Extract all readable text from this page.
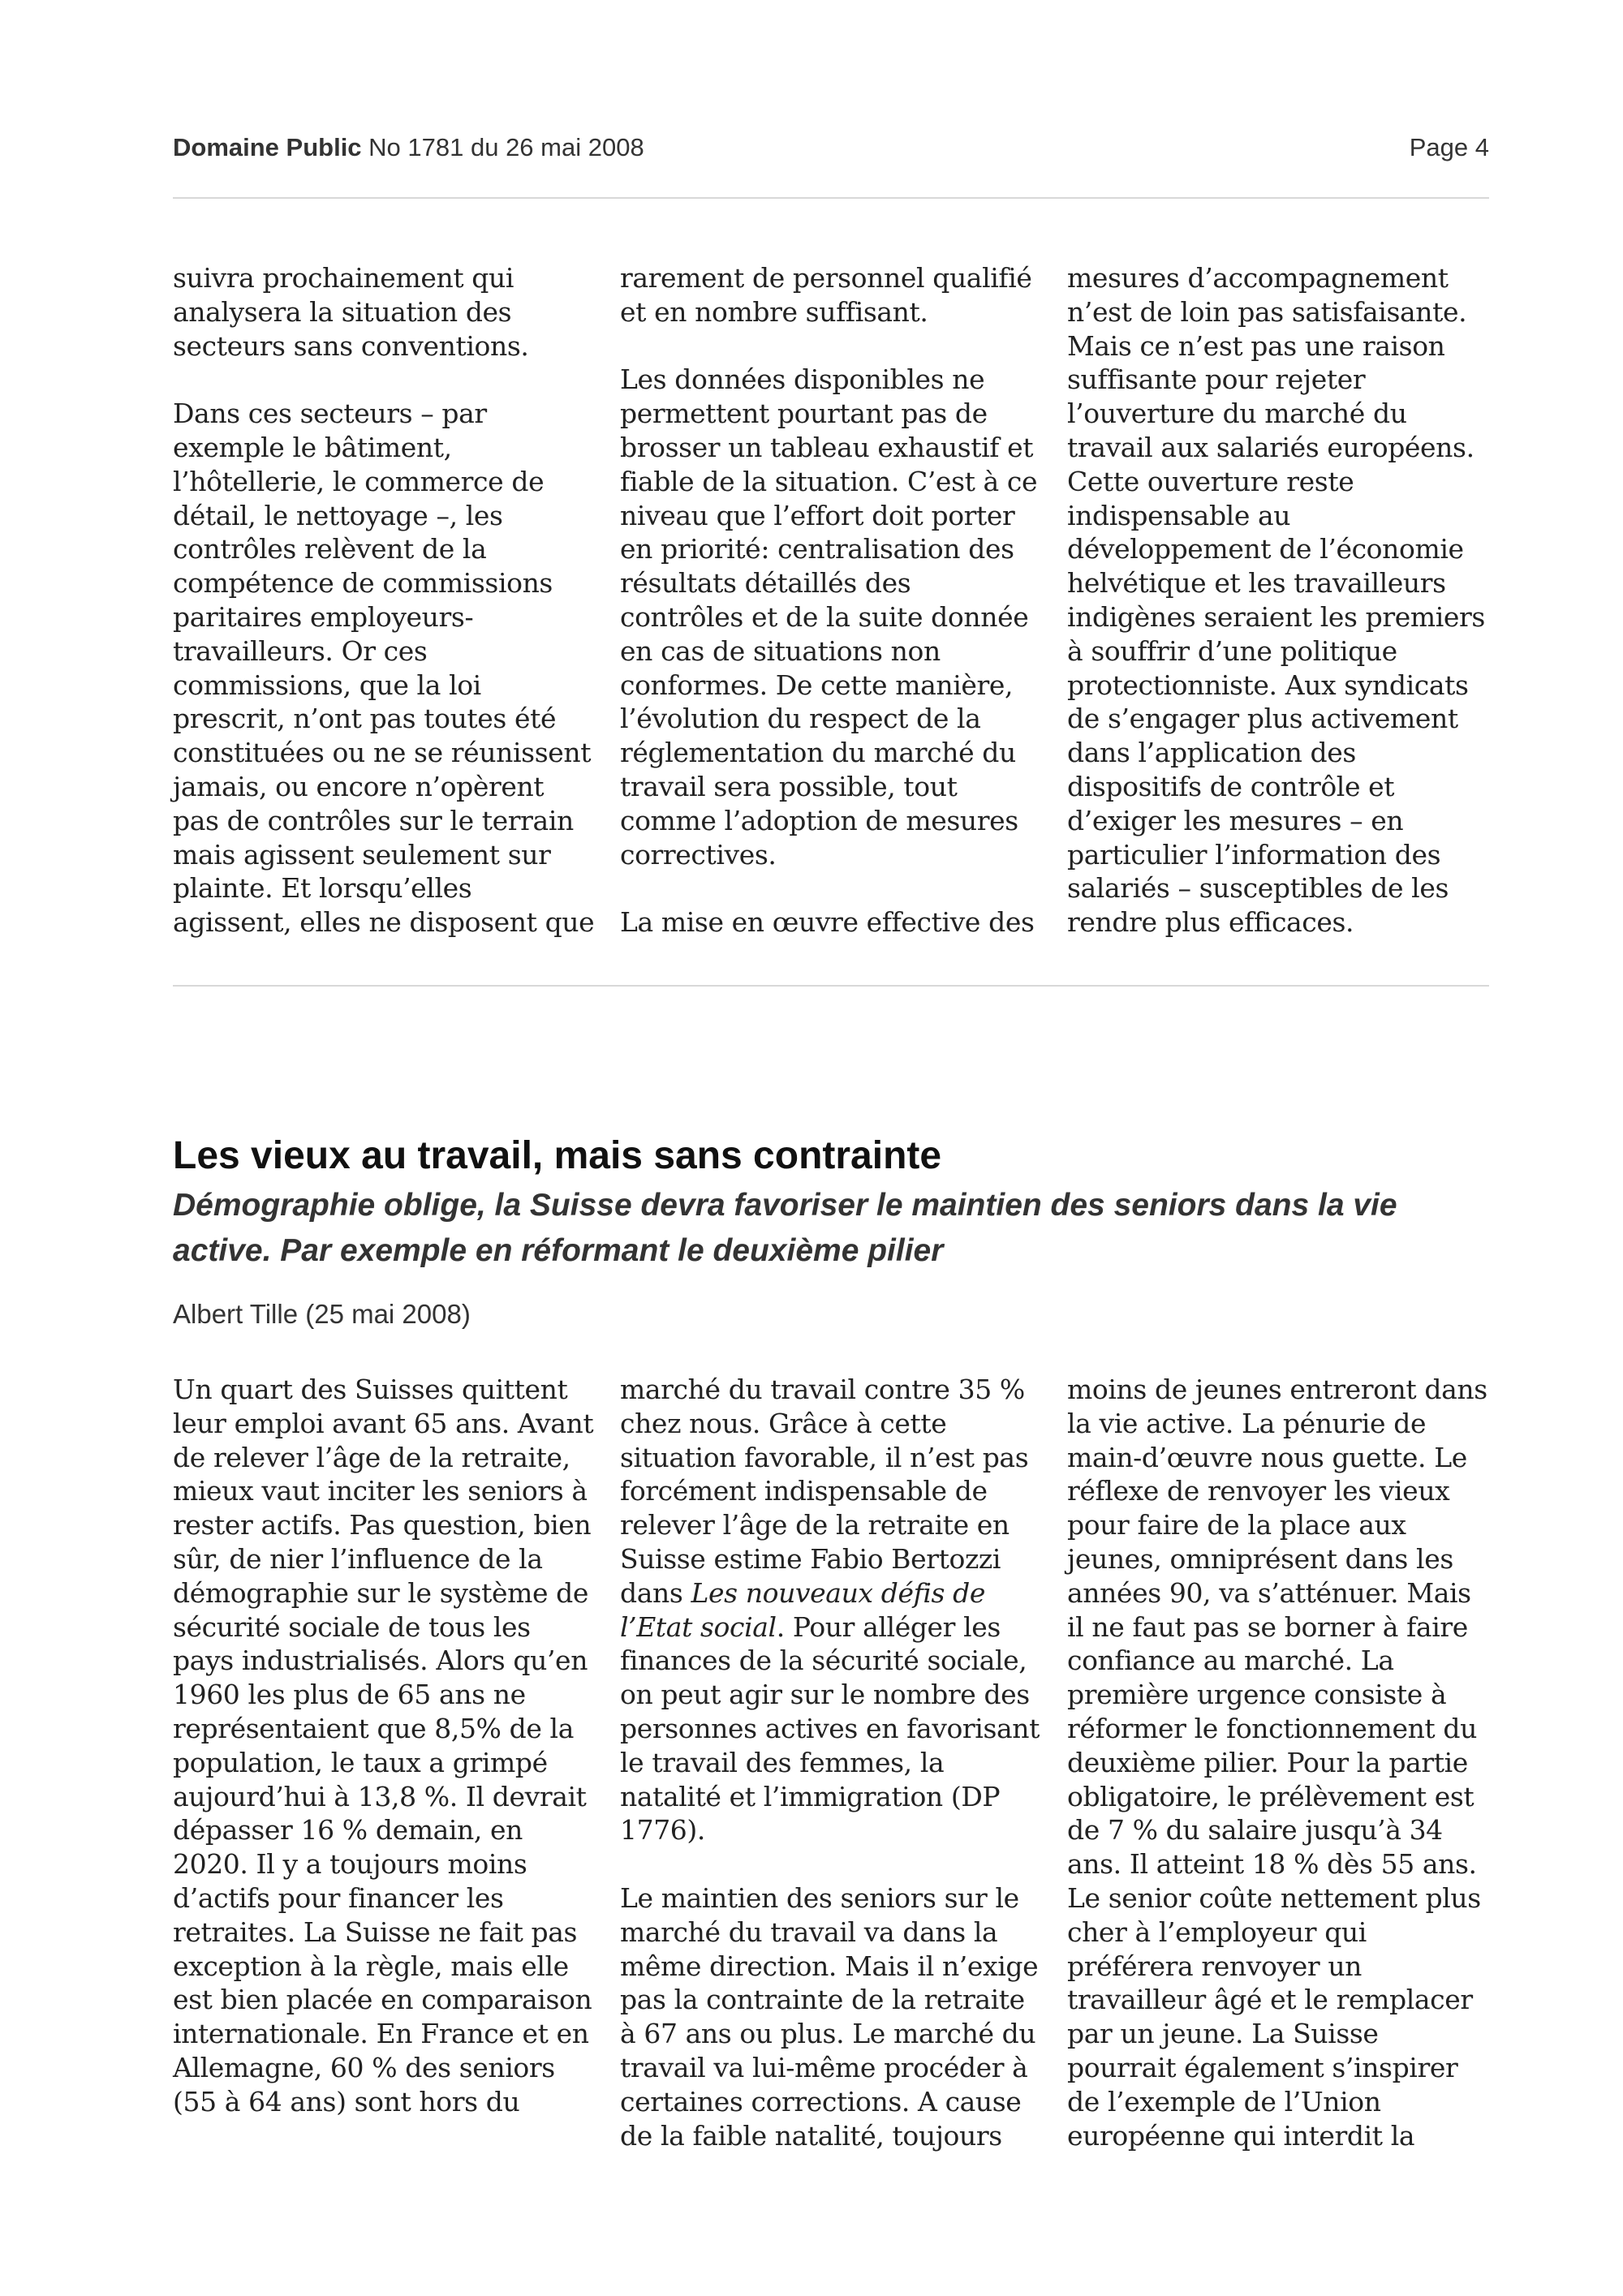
Domaine Public No 1781 du 26 mai 2008	Page 4

suivra prochainement qui analysera la situation des secteurs sans conventions.

Dans ces secteurs – par exemple le bâtiment, l’hôtellerie, le commerce de détail, le nettoyage –, les contrôles relèvent de la compétence de commissions paritaires employeurs-travailleurs. Or ces commissions, que la loi prescrit, n’ont pas toutes été constituées ou ne se réunissent jamais, ou encore n’opèrent pas de contrôles sur le terrain mais agissent seulement sur plainte. Et lorsqu’elles agissent, elles ne disposent que

rarement de personnel qualifié et en nombre suffisant.

Les données disponibles ne permettent pourtant pas de brosser un tableau exhaustif et fiable de la situation. C’est à ce niveau que l’effort doit porter en priorité: centralisation des résultats détaillés des contrôles et de la suite donnée en cas de situations non conformes. De cette manière, l’évolution du respect de la réglementation du marché du travail sera possible, tout comme l’adoption de mesures correctives.

La mise en œuvre effective des

mesures d’accompagnement n’est de loin pas satisfaisante. Mais ce n’est pas une raison suffisante pour rejeter l’ouverture du marché du travail aux salariés européens. Cette ouverture reste indispensable au développement de l’économie helvétique et les travailleurs indigènes seraient les premiers à souffrir d’une politique protectionniste. Aux syndicats de s’engager plus activement dans l’application des dispositifs de contrôle et d’exiger les mesures – en particulier l’information des salariés – susceptibles de les rendre plus efficaces.

Les vieux au travail, mais sans contrainte
Démographie oblige, la Suisse devra favoriser le maintien des seniors dans la vie active. Par exemple en réformant le deuxième pilier
Albert Tille (25 mai 2008)

Un quart des Suisses quittent leur emploi avant 65 ans. Avant de relever l’âge de la retraite, mieux vaut inciter les seniors à rester actifs. Pas question, bien sûr, de nier l’influence de la démographie sur le système de sécurité sociale de tous les pays industrialisés. Alors qu’en 1960 les plus de 65 ans ne représentaient que 8,5% de la population, le taux a grimpé aujourd’hui à 13,8 %. Il devrait dépasser 16 % demain, en 2020. Il y a toujours moins d’actifs pour financer les retraites. La Suisse ne fait pas exception à la règle, mais elle est bien placée en comparaison internationale. En France et en Allemagne, 60 % des seniors (55 à 64 ans) sont hors du

marché du travail contre 35 % chez nous. Grâce à cette situation favorable, il n’est pas forcément indispensable de relever l’âge de la retraite en Suisse estime Fabio Bertozzi dans Les nouveaux défis de l’Etat social. Pour alléger les finances de la sécurité sociale, on peut agir sur le nombre des personnes actives en favorisant le travail des femmes, la natalité et l’immigration (DP 1776).

Le maintien des seniors sur le marché du travail va dans la même direction. Mais il n’exige pas la contrainte de la retraite à 67 ans ou plus. Le marché du travail va lui-même procéder à certaines corrections. A cause de la faible natalité, toujours

moins de jeunes entreront dans la vie active. La pénurie de main-d’œuvre nous guette. Le réflexe de renvoyer les vieux pour faire de la place aux jeunes, omniprésent dans les années 90, va s’atténuer. Mais il ne faut pas se borner à faire confiance au marché. La première urgence consiste à réformer le fonctionnement du deuxième pilier. Pour la partie obligatoire, le prélèvement est de 7 % du salaire jusqu’à 34 ans. Il atteint 18 % dès 55 ans. Le senior coûte nettement plus cher à l’employeur qui préférera renvoyer un travailleur âgé et le remplacer par un jeune. La Suisse pourrait également s’inspirer de l’exemple de l’Union européenne qui interdit la
